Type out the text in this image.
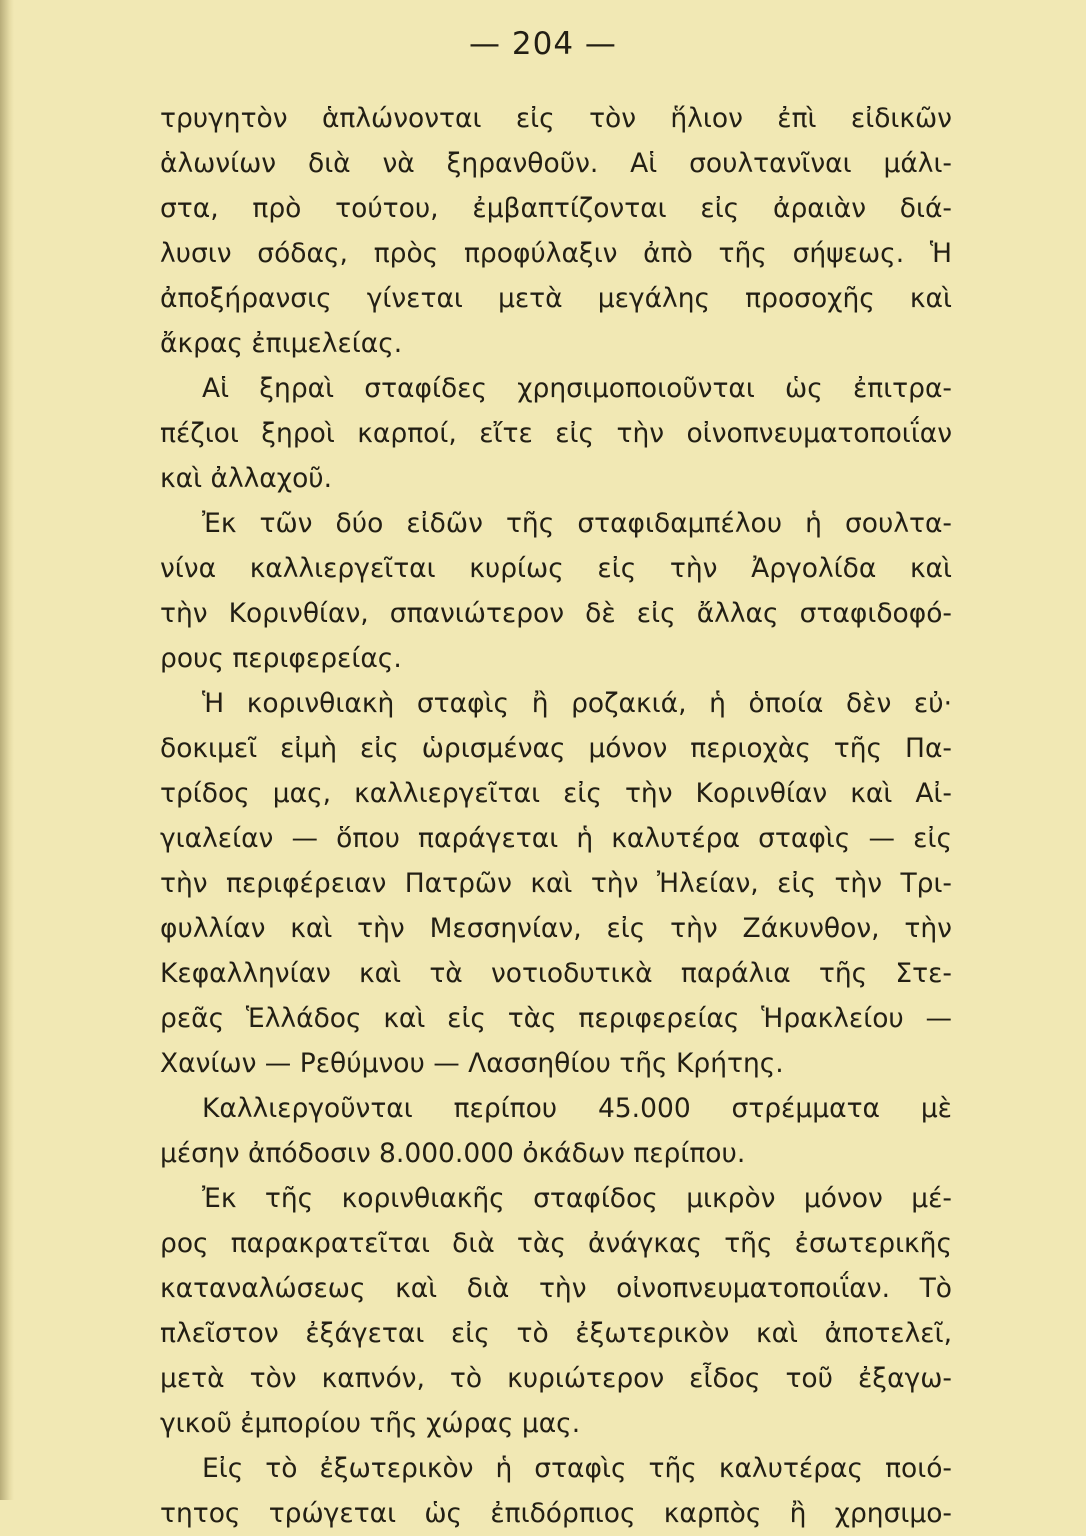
— 204 —
τρυγητὸν ἁπλώνονται εἰς τὸν ἥλιον ἐπὶ εἰδικῶν
ἁλωνίων διὰ νὰ ξηρανθοῦν. Αἱ σουλτανῖναι μάλι-
στα, πρὸ τούτου, ἐμβαπτίζονται εἰς ἀραιὰν διά-
λυσιν σόδας, πρὸς προφύλαξιν ἀπὸ τῆς σήψεως. Ἡ
ἀποξήρανσις γίνεται μετὰ μεγάλης προσοχῆς καὶ
ἄκρας ἐπιμελείας.
Αἱ ξηραὶ σταφίδες χρησιμοποιοῦνται ὡς ἐπιτρα-
πέζιοι ξηροὶ καρποί, εἴτε εἰς τὴν οἰνοπνευματοποιΐαν
καὶ ἀλλαχοῦ.
Ἐκ τῶν δύο εἰδῶν τῆς σταφιδαμπέλου ἡ σουλτα-
νίνα καλλιεργεῖται κυρίως εἰς τὴν Ἀργολίδα καὶ
τὴν Κορινθίαν, σπανιώτερον δὲ εἰς ἄλλας σταφιδοφό-
ρους περιφερείας.
Ἡ κορινθιακὴ σταφὶς ἢ ροζακιά, ἡ ὁποία δὲν εὐ·
δοκιμεῖ εἰμὴ εἰς ὡρισμένας μόνον περιοχὰς τῆς Πα-
τρίδος μας, καλλιεργεῖται εἰς τὴν Κορινθίαν καὶ Αἰ-
γιαλείαν — ὅπου παράγεται ἡ καλυτέρα σταφὶς — εἰς
τὴν περιφέρειαν Πατρῶν καὶ τὴν Ἠλείαν, εἰς τὴν Τρι-
φυλλίαν καὶ τὴν Μεσσηνίαν, εἰς τὴν Ζάκυνθον, τὴν
Κεφαλληνίαν καὶ τὰ νοτιοδυτικὰ παράλια τῆς Στε-
ρεᾶς Ἑλλάδος καὶ εἰς τὰς περιφερείας Ἡρακλείου —
Χανίων — Ρεθύμνου — Λασσηθίου τῆς Κρήτης.
Καλλιεργοῦνται περίπου 45.000 στρέμματα μὲ
μέσην ἀπόδοσιν 8.000.000 ὀκάδων περίπου.
Ἐκ τῆς κορινθιακῆς σταφίδος μικρὸν μόνον μέ-
ρος παρακρατεῖται διὰ τὰς ἀνάγκας τῆς ἐσωτερικῆς
καταναλώσεως καὶ διὰ τὴν οἰνοπνευματοποιΐαν. Τὸ
πλεῖστον ἐξάγεται εἰς τὸ ἐξωτερικὸν καὶ ἀποτελεῖ,
μετὰ τὸν καπνόν, τὸ κυριώτερον εἶδος τοῦ ἐξαγω-
γικοῦ ἐμπορίου τῆς χώρας μας.
Εἰς τὸ ἐξωτερικὸν ἡ σταφὶς τῆς καλυτέρας ποιό-
τητος τρώγεται ὡς ἐπιδόρπιος καρπὸς ἢ χρησιμο-
